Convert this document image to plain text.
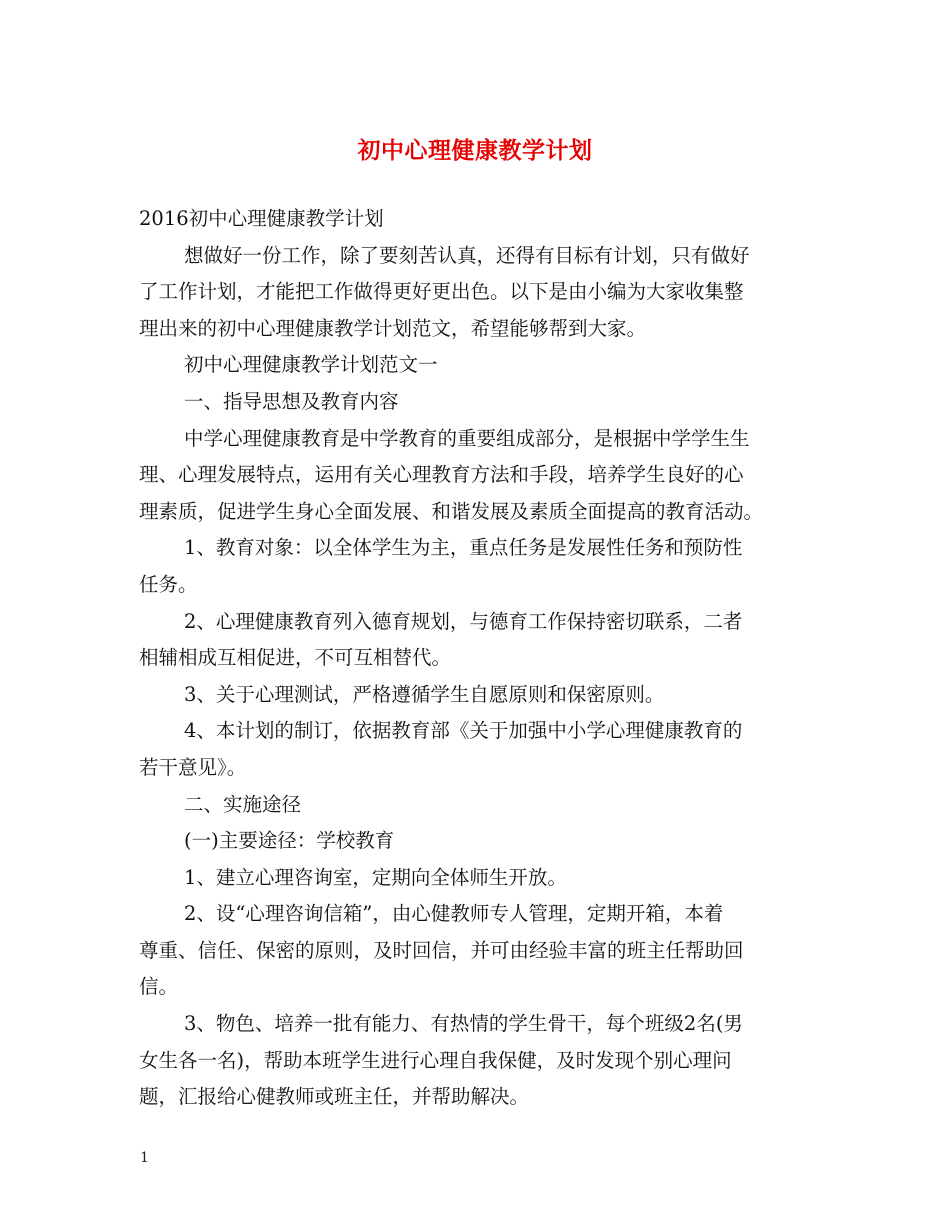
初中心理健康教学计划
2016初中心理健康教学计划
想做好一份工作，除了要刻苦认真，还得有目标有计划，只有做好
了工作计划，才能把工作做得更好更出色。以下是由小编为大家收集整
理出来的初中心理健康教学计划范文，希望能够帮到大家。
初中心理健康教学计划范文一
一、指导思想及教育内容
中学心理健康教育是中学教育的重要组成部分，是根据中学学生生
理、心理发展特点，运用有关心理教育方法和手段，培养学生良好的心
理素质，促进学生身心全面发展、和谐发展及素质全面提高的教育活动。
1、教育对象：以全体学生为主，重点任务是发展性任务和预防性
任务。
2、心理健康教育列入德育规划，与德育工作保持密切联系，二者
相辅相成互相促进，不可互相替代。
3、关于心理测试，严格遵循学生自愿原则和保密原则。
4、本计划的制订，依据教育部《关于加强中小学心理健康教育的
若干意见》。
二、实施途径
(一)主要途径：学校教育
1、建立心理咨询室，定期向全体师生开放。
2、设“心理咨询信箱”，由心健教师专人管理，定期开箱，本着
尊重、信任、保密的原则，及时回信，并可由经验丰富的班主任帮助回
信。
3、物色、培养一批有能力、有热情的学生骨干，每个班级2名(男
女生各一名)，帮助本班学生进行心理自我保健，及时发现个别心理问
题，汇报给心健教师或班主任，并帮助解决。
1
